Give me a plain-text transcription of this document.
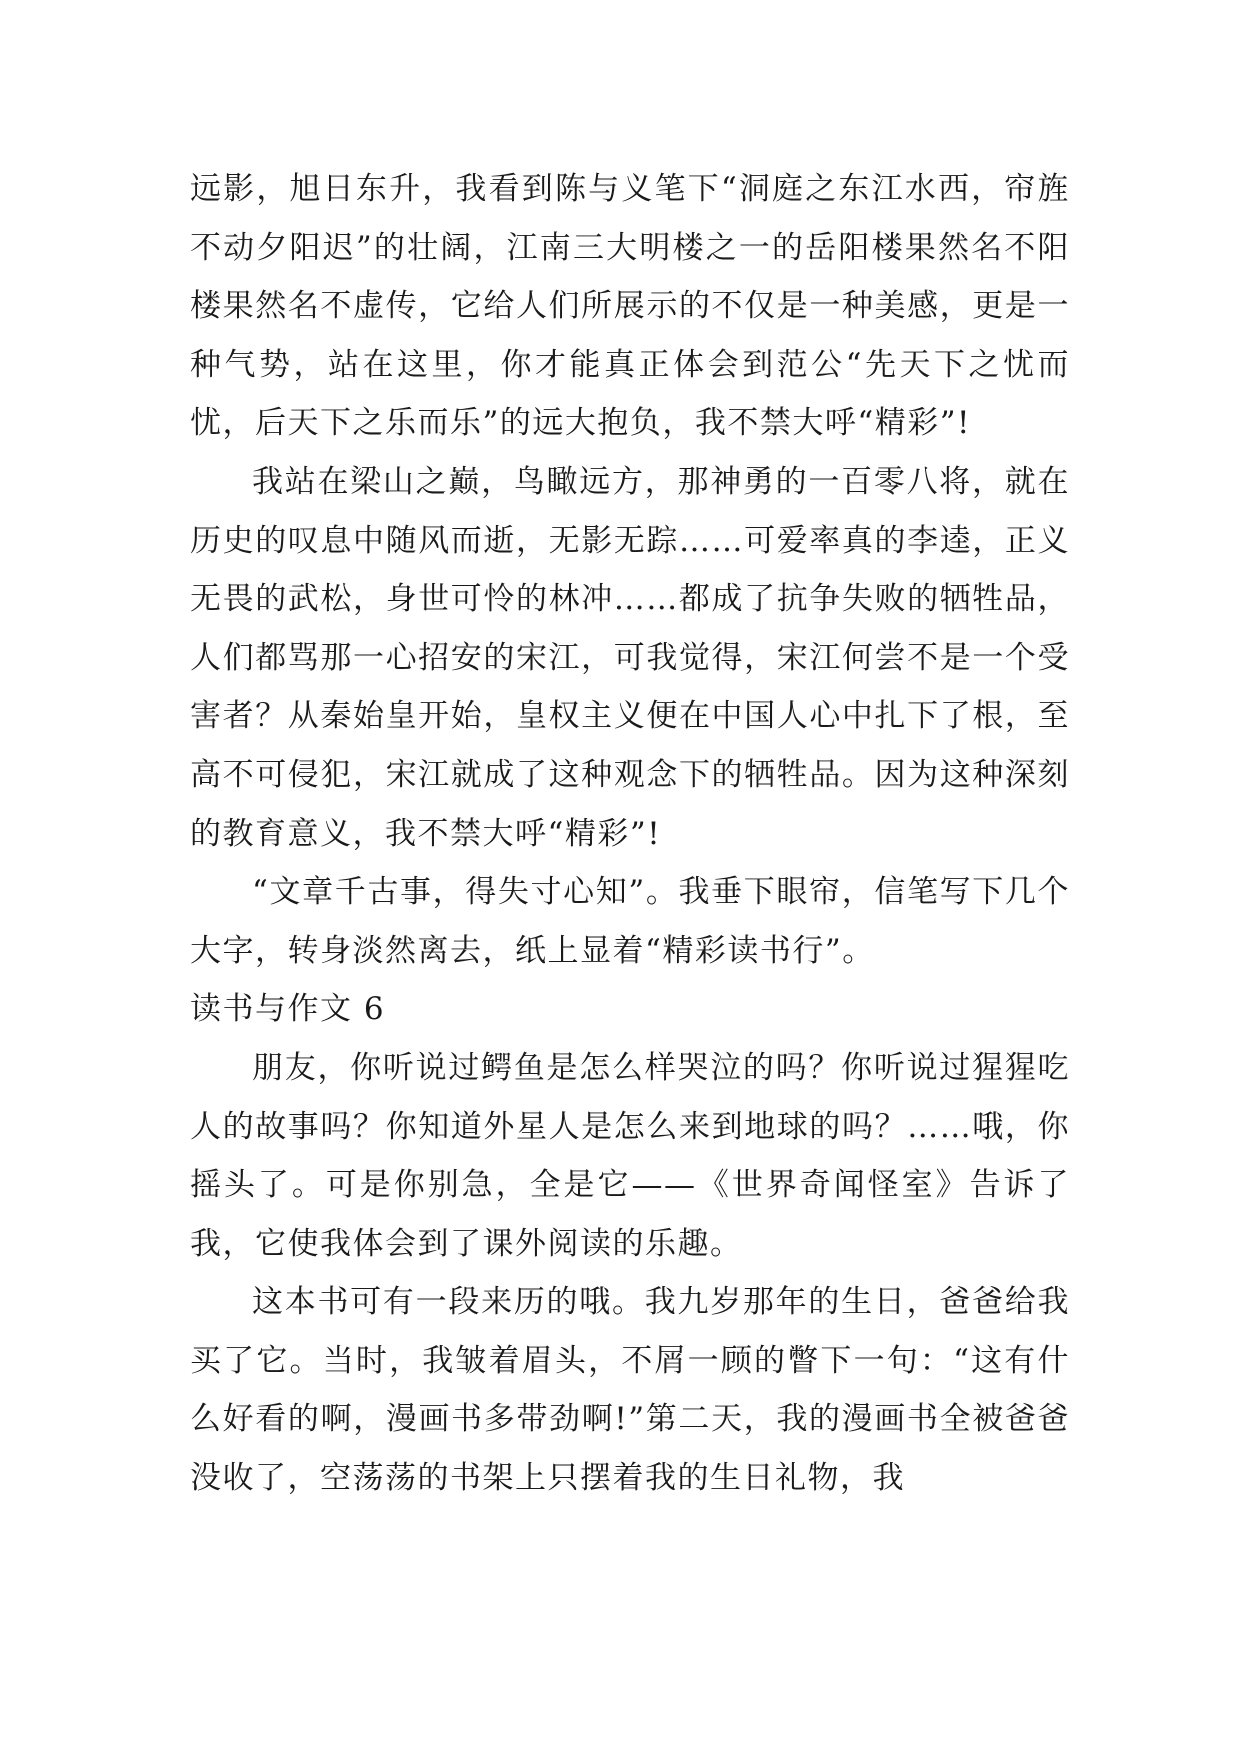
远影，旭日东升，我看到陈与义笔下“洞庭之东江水西，帘旌不动夕阳迟”的壮阔，江南三大明楼之一的岳阳楼果然名不阳楼果然名不虚传，它给人们所展示的不仅是一种美感，更是一种气势，站在这里，你才能真正体会到范公“先天下之忧而忧，后天下之乐而乐”的远大抱负，我不禁大呼“精彩”!

我站在梁山之巅，鸟瞰远方，那神勇的一百零八将，就在历史的叹息中随风而逝，无影无踪……可爱率真的李逵，正义无畏的武松，身世可怜的林冲……都成了抗争失败的牺牲品，人们都骂那一心招安的宋江，可我觉得，宋江何尝不是一个受害者？从秦始皇开始，皇权主义便在中国人心中扎下了根，至高不可侵犯，宋江就成了这种观念下的牺牲品。因为这种深刻的教育意义，我不禁大呼“精彩”!

“文章千古事，得失寸心知”。我垂下眼帘，信笔写下几个大字，转身淡然离去，纸上显着“精彩读书行”。

读书与作文 6

朋友，你听说过鳄鱼是怎么样哭泣的吗？你听说过猩猩吃人的故事吗？你知道外星人是怎么来到地球的吗？……哦，你摇头了。可是你别急，全是它——《世界奇闻怪室》告诉了我，它使我体会到了课外阅读的乐趣。

这本书可有一段来历的哦。我九岁那年的生日，爸爸给我买了它。当时，我皱着眉头，不屑一顾的瞥下一句：“这有什么好看的啊，漫画书多带劲啊!”第二天，我的漫画书全被爸爸没收了，空荡荡的书架上只摆着我的生日礼物，我
